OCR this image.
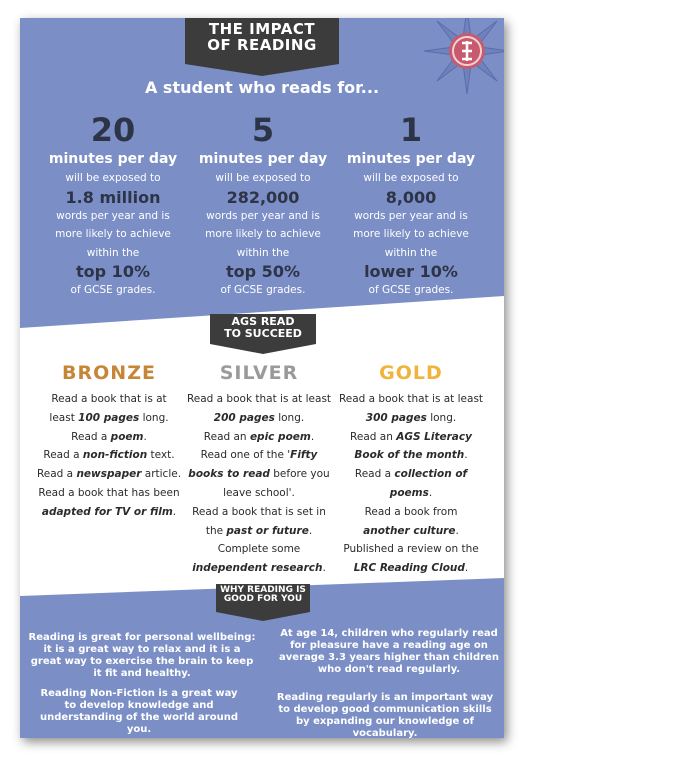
THE IMPACT
OF READING
A student who reads for...
20
minutes per day
will be exposed to
1.8 million
words per year and is
more likely to achieve
within the
top 10%
of GCSE grades.
5
minutes per day
will be exposed to
282,000
words per year and is
more likely to achieve
within the
top 50%
of GCSE grades.
1
minutes per day
will be exposed to
8,000
words per year and is
more likely to achieve
within the
lower 10%
of GCSE grades.
AGS READ
TO SUCCEED
BRONZE
Read a book that is at
least 100 pages long.
Read a poem.
Read a non-fiction text.
Read a newspaper article.
Read a book that has been
adapted for TV or film.
SILVER
Read a book that is at least
200 pages long.
Read an epic poem.
Read one of the 'Fifty
books to read before you
leave school'.
Read a book that is set in
the past or future.
Complete some
independent research.
GOLD
Read a book that is at least
300 pages long.
Read an AGS Literacy
Book of the month.
Read a collection of poems.
Read a book from
another culture.
Published a review on the
LRC Reading Cloud.
WHY READING IS
GOOD FOR YOU
Reading is great for personal wellbeing: it is a great way to relax and it is a great way to exercise the brain to keep it fit and healthy.
Reading Non-Fiction is a great way to develop knowledge and understanding of the world around you.
At age 14, children who regularly read for pleasure have a reading age on average 3.3 years higher than children who don't read regularly.
Reading regularly is an important way to develop good communication skills by expanding our knowledge of vocabulary.
